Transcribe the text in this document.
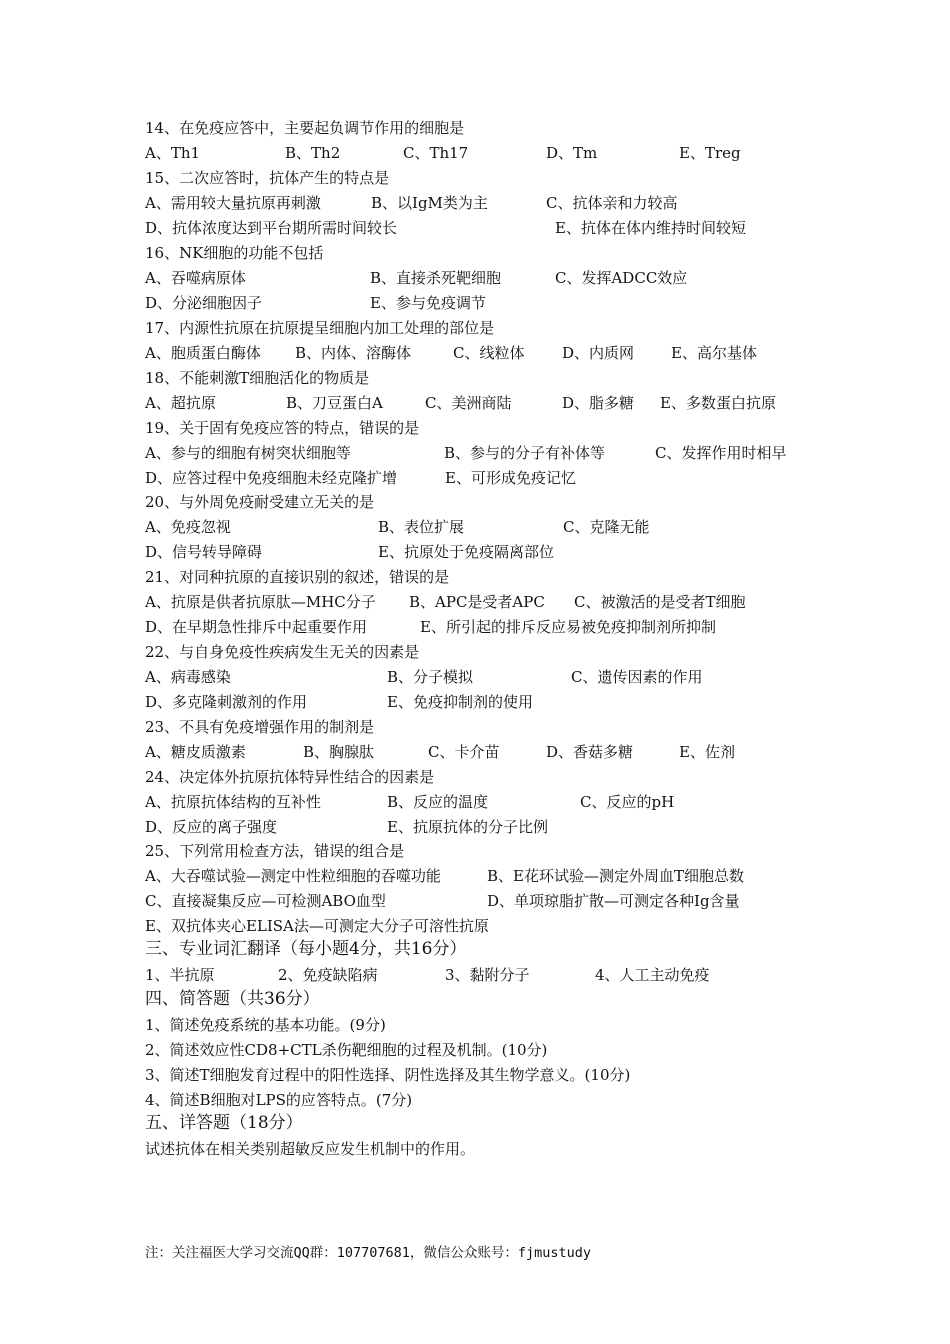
14、在免疫应答中，主要起负调节作用的细胞是
A、Th1	B、Th2	C、Th17	D、Tm	E、Treg
15、二次应答时，抗体产生的特点是
A、需用较大量抗原再刺激	B、以IgM类为主	C、抗体亲和力较高
D、抗体浓度达到平台期所需时间较长	E、抗体在体内维持时间较短
16、NK细胞的功能不包括
A、吞噬病原体	B、直接杀死靶细胞	C、发挥ADCC效应
D、分泌细胞因子	E、参与免疫调节
17、内源性抗原在抗原提呈细胞内加工处理的部位是
A、胞质蛋白酶体 B、内体、溶酶体	C、线粒体	D、内质网 E、高尔基体
18、不能刺激T细胞活化的物质是
A、超抗原	B、刀豆蛋白A	C、美洲商陆	D、脂多糖 E、多数蛋白抗原
19、关于固有免疫应答的特点，错误的是
A、参与的细胞有树突状细胞等	B、参与的分子有补体等	C、发挥作用时相早
D、应答过程中免疫细胞未经克隆扩增	E、可形成免疫记忆
20、与外周免疫耐受建立无关的是
A、免疫忽视	B、表位扩展	C、克隆无能
D、信号转导障碍	E、抗原处于免疫隔离部位
21、对同种抗原的直接识别的叙述，错误的是
A、抗原是供者抗原肽—MHC分子 B、APC是受者APC C、被激活的是受者T细胞
D、在早期急性排斥中起重要作用	E、所引起的排斥反应易被免疫抑制剂所抑制
22、与自身免疫性疾病发生无关的因素是
A、病毒感染	B、分子模拟	C、遗传因素的作用
D、多克隆刺激剂的作用	E、免疫抑制剂的使用
23、不具有免疫增强作用的制剂是
A、糖皮质激素	B、胸腺肽	C、卡介苗	D、香菇多糖	E、佐剂
24、决定体外抗原抗体特异性结合的因素是
A、抗原抗体结构的互补性	B、反应的温度	C、反应的pH
D、反应的离子强度	E、抗原抗体的分子比例
25、下列常用检查方法，错误的组合是
A、大吞噬试验—测定中性粒细胞的吞噬功能	B、E花环试验—测定外周血T细胞总数
C、直接凝集反应—可检测ABO血型	D、单项琼脂扩散—可测定各种Ig含量
E、双抗体夹心ELISA法—可测定大分子可溶性抗原
三、专业词汇翻译（每小题4分，共16分）
1、半抗原	2、免疫缺陷病	3、黏附分子	4、人工主动免疫
四、简答题（共36分）
1、简述免疫系统的基本功能。(9分)
2、简述效应性CD8+CTL杀伤靶细胞的过程及机制。(10分)
3、简述T细胞发育过程中的阳性选择、阴性选择及其生物学意义。(10分)
4、简述B细胞对LPS的应答特点。(7分)
五、详答题（18分）
试述抗体在相关类别超敏反应发生机制中的作用。
注：关注福医大学习交流QQ群：107707681，微信公众账号：fjmustudy
